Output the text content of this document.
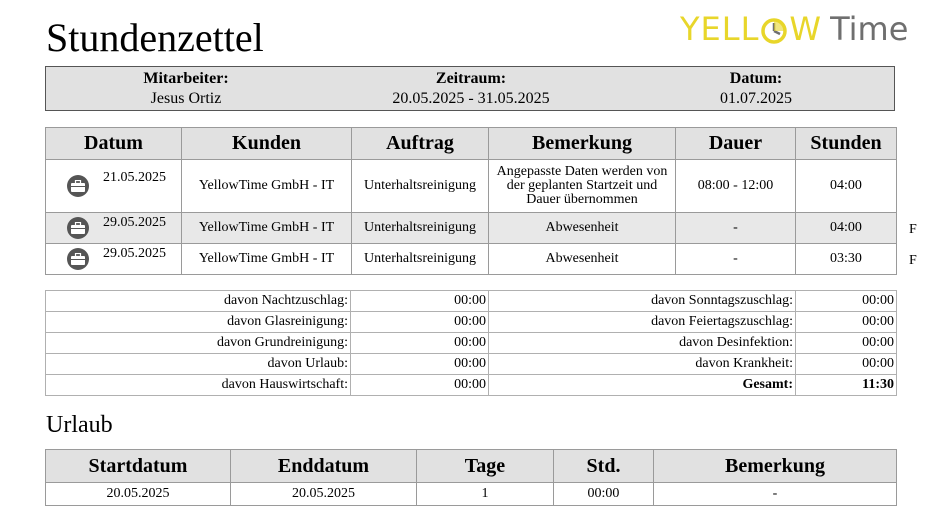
Stundenzettel	YELL W Time
Mitarbeiter:
Jesus Ortiz
Zeitraum:
20.05.2025 - 31.05.2025
Datum:
01.07.2025
Datum	Kunden	Auftrag	Bemerkung	Dauer	Stunden

21.05.2025	YellowTime GmbH - IT	Unterhaltsreinigung	Angepasste Daten werden von der geplanten Startzeit und Dauer übernommen	08:00 - 12:00	04:00

29.05.2025	YellowTime GmbH - IT	Unterhaltsreinigung	Abwesenheit	-	04:00

29.05.2025	YellowTime GmbH - IT	Unterhaltsreinigung	Abwesenheit	-	03:30
F
F
davon Nachtzuschlag:	00:00	davon Sonntagszuschlag:	00:00
davon Glasreinigung:	00:00	davon Feiertagszuschlag:	00:00
davon Grundreinigung:	00:00	davon Desinfektion:	00:00
davon Urlaub:	00:00	davon Krankheit:	00:00
davon Hauswirtschaft:	00:00	Gesamt:	11:30
Urlaub
Startdatum	Enddatum	Tage	Std.	Bemerkung
20.05.2025	20.05.2025	1	00:00	-
